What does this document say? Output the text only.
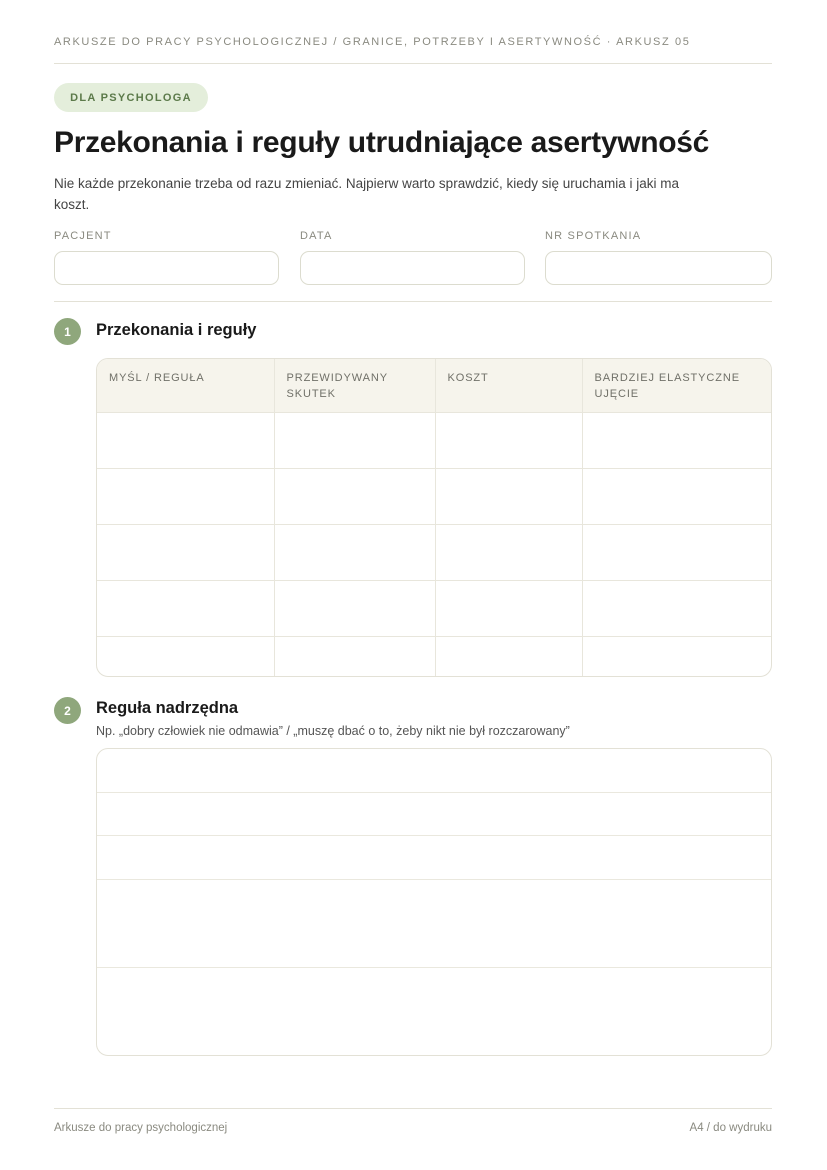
ARKUSZE DO PRACY PSYCHOLOGICZNEJ / GRANICE, POTRZEBY I ASERTYWNOŚĆ · ARKUSZ 05
DLA PSYCHOLOGA
Przekonania i reguły utrudniające asertywność
Nie każde przekonanie trzeba od razu zmieniać. Najpierw warto sprawdzić, kiedy się uruchamia i jaki ma koszt.
PACJENT	DATA	NR SPOTKANIA
1	Przekonania i reguły
MYŚL / REGUŁA	PRZEWIDYWANY SKUTEK	KOSZT	BARDZIEJ ELASTYCZNE UJĘCIE

2	Reguła nadrzędna
Np. „dobry człowiek nie odmawia” / „muszę dbać o to, żeby nikt nie był rozczarowany”
Arkusze do pracy psychologicznej	A4 / do wydruku
